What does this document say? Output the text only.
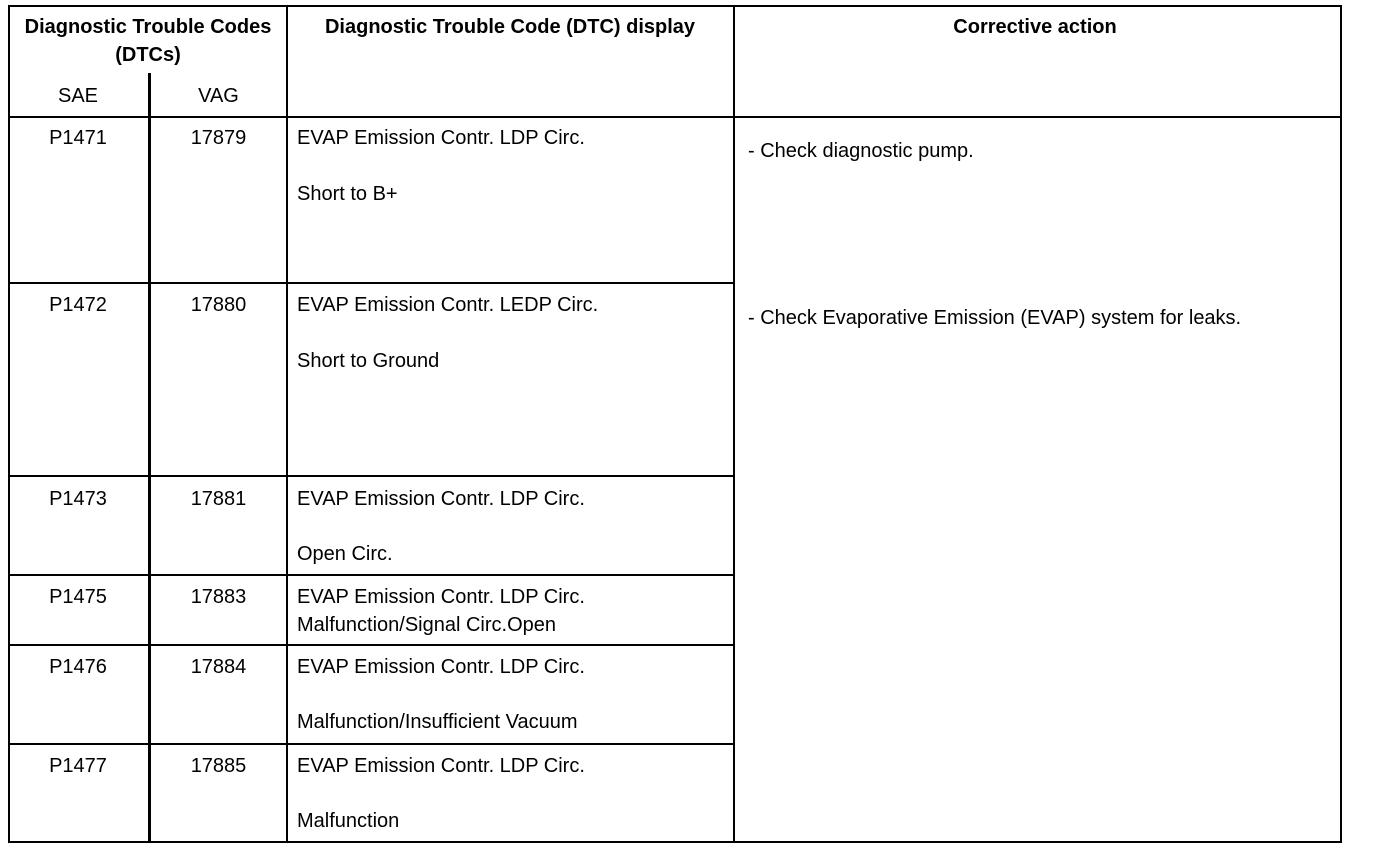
Diagnostic Trouble Codes (DTCs)
SAE	VAG
Diagnostic Trouble Code (DTC) display	Corrective action
P1471	17879	EVAP Emission Contr. LDP Circ.
Short to B+
P1472	17880	EVAP Emission Contr. LEDP Circ.
Short to Ground
P1473	17881	EVAP Emission Contr. LDP Circ.
Open Circ.
P1475	17883	EVAP Emission Contr. LDP Circ.
Malfunction/Signal Circ.Open
P1476	17884	EVAP Emission Contr. LDP Circ.
Malfunction/Insufficient Vacuum
P1477	17885	EVAP Emission Contr. LDP Circ.
Malfunction
- Check diagnostic pump.
- Check Evaporative Emission (EVAP) system for leaks.
